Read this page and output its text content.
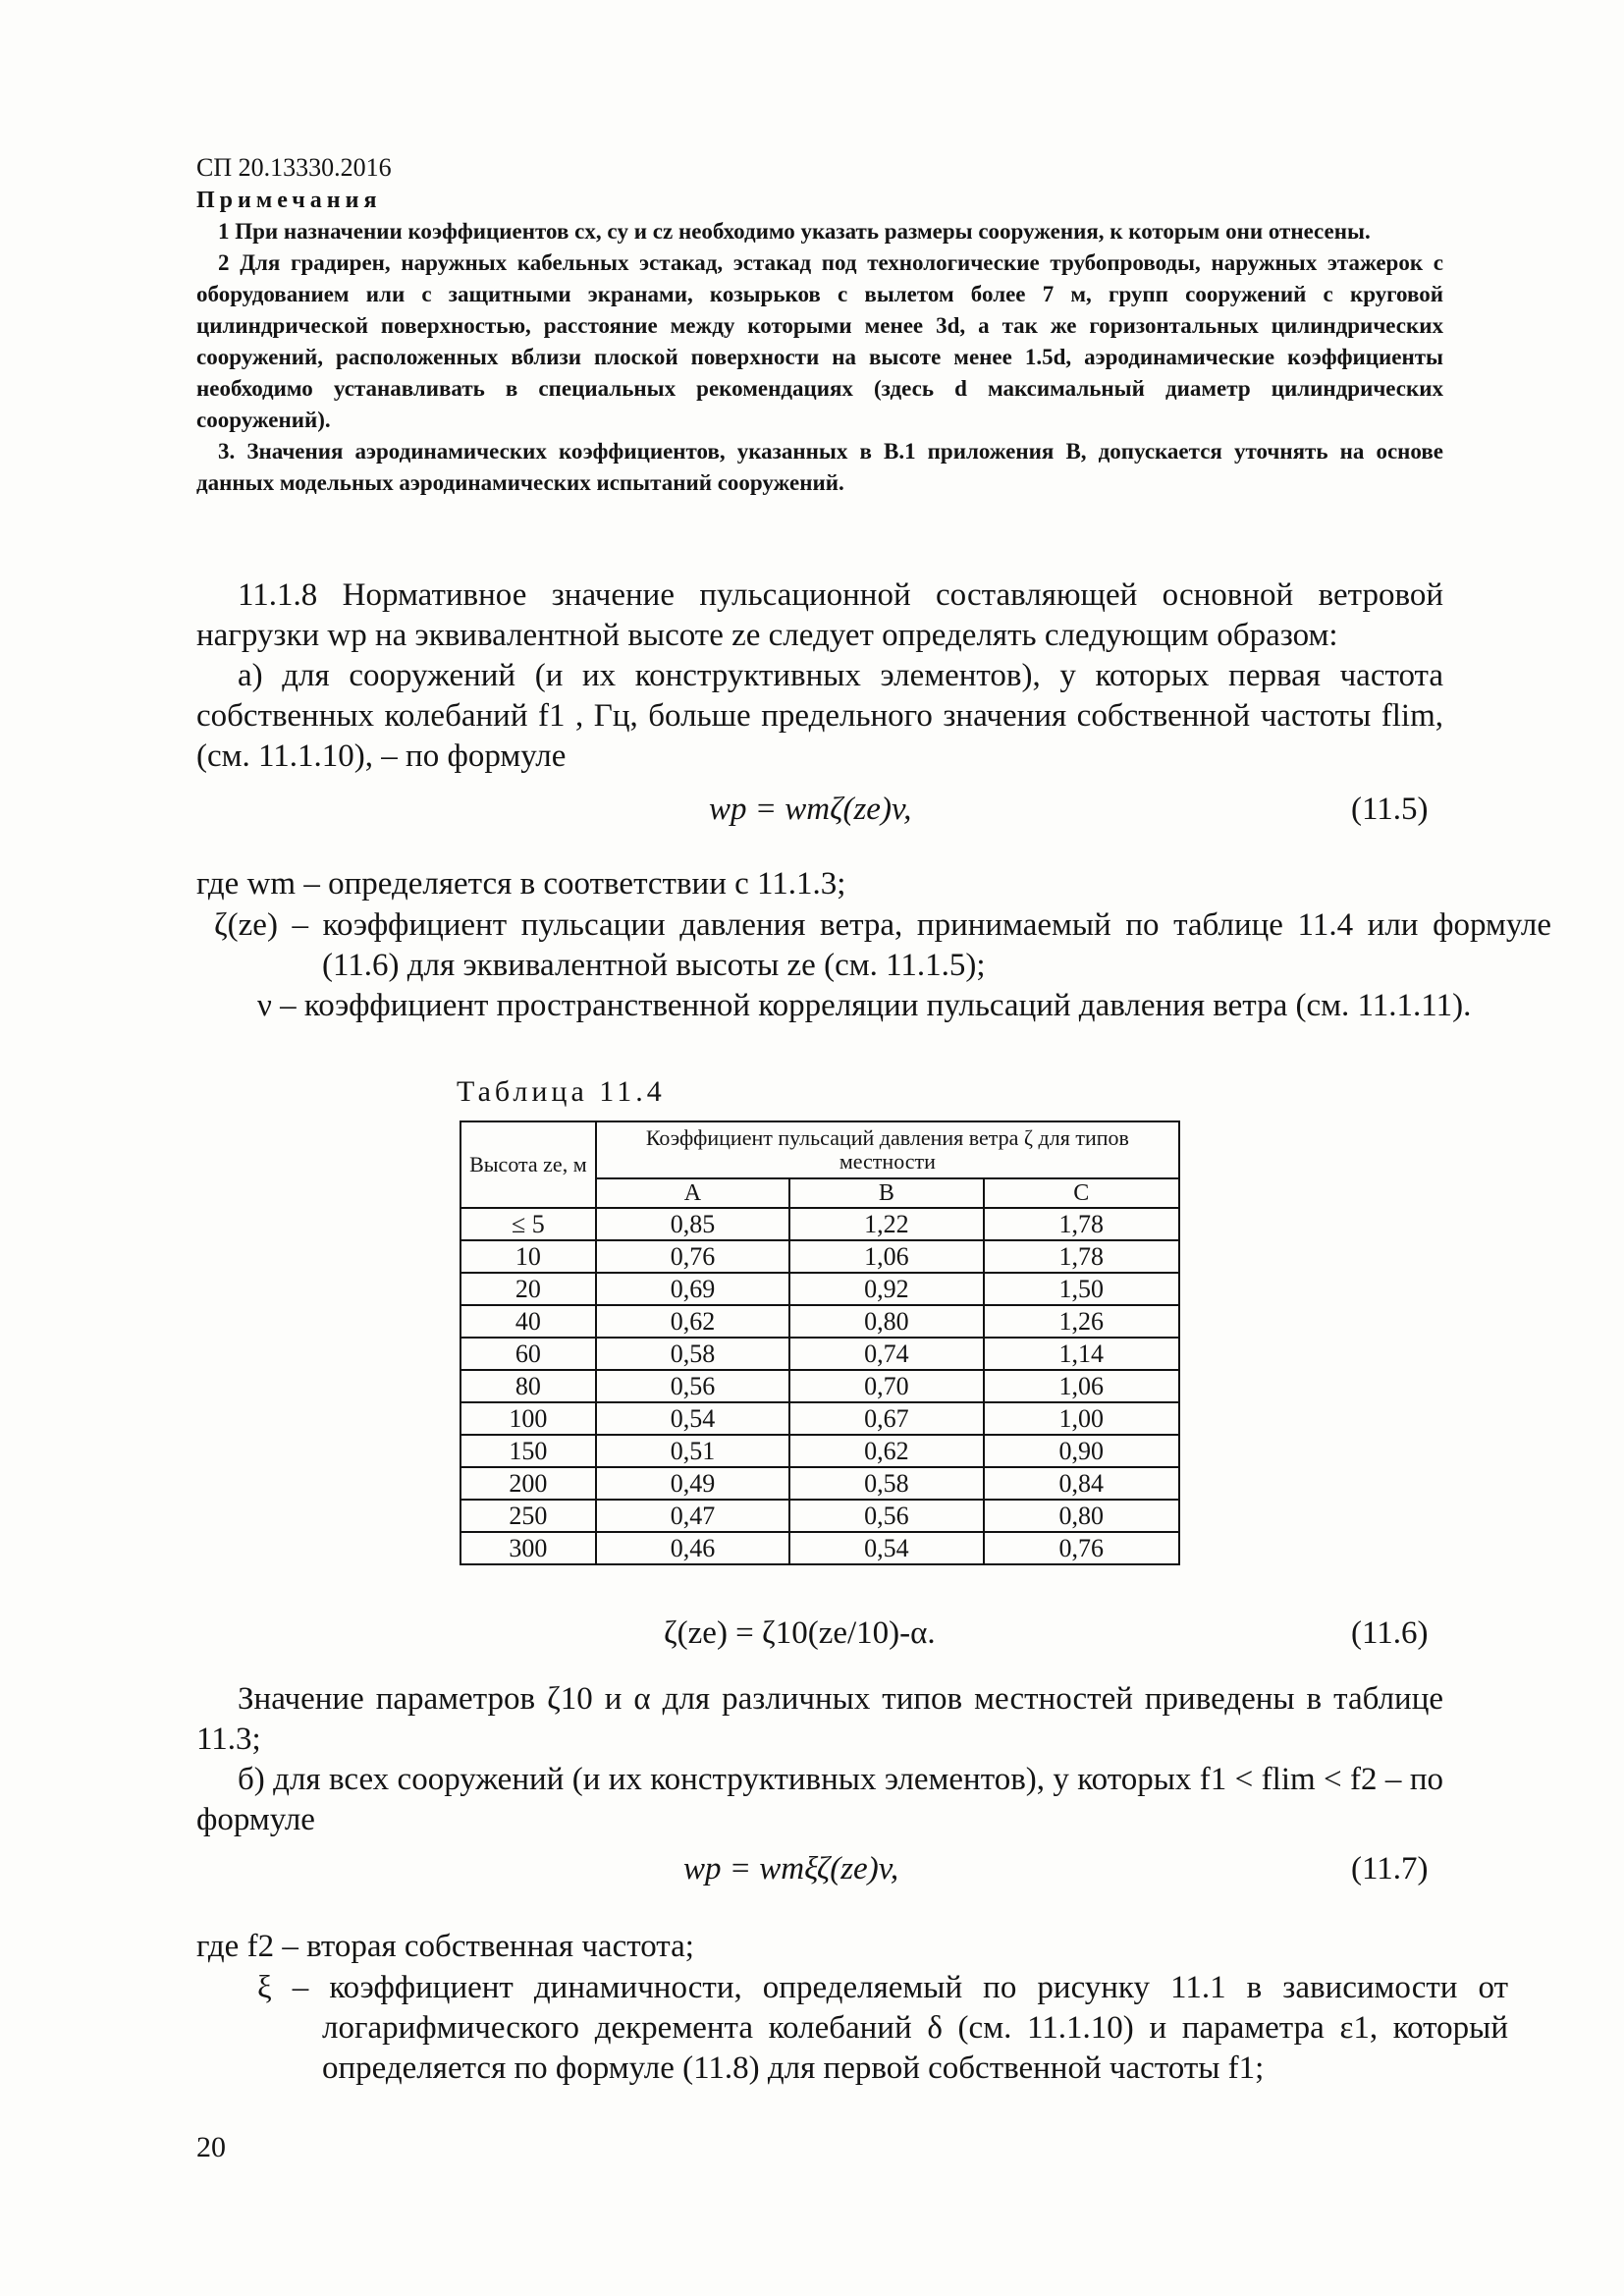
СП 20.13330.2016
Примечания

1 При назначении коэффициентов cx, cy и cz необходимо указать размеры сооружения, к которым они отнесены.

2 Для градирен, наружных кабельных эстакад, эстакад под технологические трубопроводы, наружных этажерок с оборудованием или с защитными экранами, козырьков с вылетом более 7 м, групп сооружений с круговой цилиндрической поверхностью, расстояние между которыми менее 3d, а так же горизонтальных цилиндрических сооружений, расположенных вблизи плоской поверхности на высоте менее 1.5d, аэродинамические коэффициенты необходимо устанавливать в специальных рекомендациях (здесь d максимальный диаметр цилиндрических сооружений).

3. Значения аэродинамических коэффициентов, указанных в В.1 приложения В, допускается уточнять на основе данных модельных аэродинамических испытаний сооружений.

11.1.8 Нормативное значение пульсационной составляющей основной ветровой нагрузки wp на эквивалентной высоте ze следует определять следующим образом:

а) для сооружений (и их конструктивных элементов), у которых первая частота собственных колебаний f1 , Гц, больше предельного значения собственной частоты flim, (см. 11.1.10), – по формуле

wp = wmζ(ze)v,	(11.5)

где wm – определяется в соответствии с 11.1.3;

ζ(ze) – коэффициент пульсации давления ветра, принимаемый по таблице 11.4 или формуле (11.6) для эквивалентной высоты ze (см. 11.1.5);

ν – коэффициент пространственной корреляции пульсаций давления ветра (см. 11.1.11).

Таблица 11.4
Высота ze, м	Коэффициент пульсаций давления ветра ζ для типов местности		
	А	В	С
≤ 5	0,85	1,22	1,78
10	0,76	1,06	1,78
20	0,69	0,92	1,50
40	0,62	0,80	1,26
60	0,58	0,74	1,14
80	0,56	0,70	1,06
100	0,54	0,67	1,00
150	0,51	0,62	0,90
200	0,49	0,58	0,84
250	0,47	0,56	0,80
300	0,46	0,54	0,76
ζ(ze) = ζ10(ze/10)-α.	(11.6)

Значение параметров ζ10 и α для различных типов местностей приведены в таблице 11.3;

б) для всех сооружений (и их конструктивных элементов), у которых f1 < flim < f2 – по формуле

wp = wmξζ(ze)v,	(11.7)

где f2 – вторая собственная частота;

ξ – коэффициент динамичности, определяемый по рисунку 11.1 в зависимости от логарифмического декремента колебаний δ (см. 11.1.10) и параметра ε1, который определяется по формуле (11.8) для первой собственной частоты f1;

20
